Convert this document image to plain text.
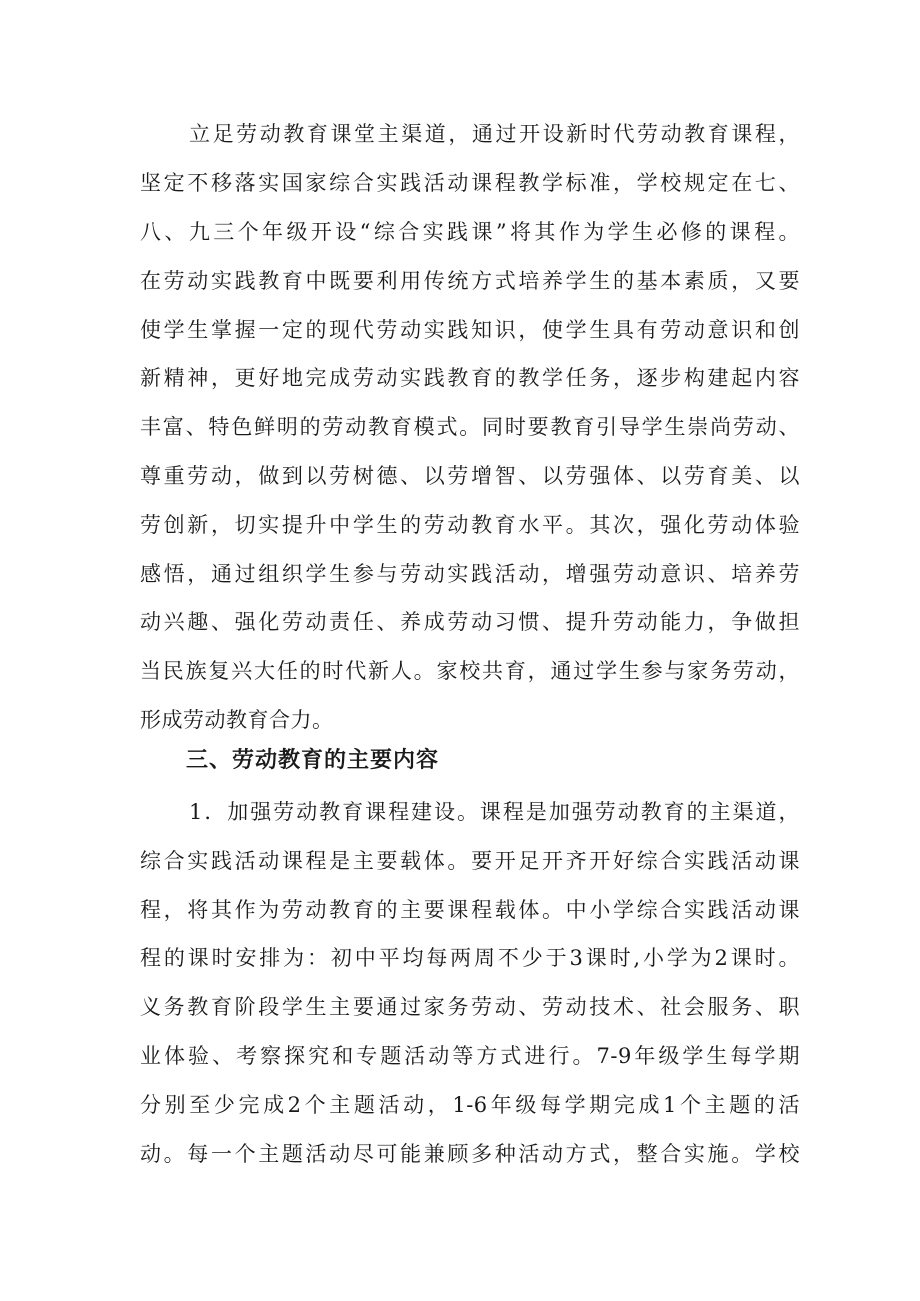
立足劳动教育课堂主渠道，通过开设新时代劳动教育课程，

坚定不移落实国家综合实践活动课程教学标准，学校规定在七、

八、九三个年级开设“综合实践课”将其作为学生必修的课程。

在劳动实践教育中既要利用传统方式培养学生的基本素质，又要

使学生掌握一定的现代劳动实践知识，使学生具有劳动意识和创

新精神，更好地完成劳动实践教育的教学任务，逐步构建起内容

丰富、特色鲜明的劳动教育模式。同时要教育引导学生崇尚劳动、

尊重劳动，做到以劳树德、以劳增智、以劳强体、以劳育美、以

劳创新，切实提升中学生的劳动教育水平。其次，强化劳动体验

感悟，通过组织学生参与劳动实践活动，增强劳动意识、培养劳

动兴趣、强化劳动责任、养成劳动习惯、提升劳动能力，争做担

当民族复兴大任的时代新人。家校共育，通过学生参与家务劳动，

形成劳动教育合力。

三、劳动教育的主要内容

1．加强劳动教育课程建设。课程是加强劳动教育的主渠道，

综合实践活动课程是主要载体。要开足开齐开好综合实践活动课

程，将其作为劳动教育的主要课程载体。中小学综合实践活动课

程的课时安排为：初中平均每两周不少于3课时,小学为2课时。

义务教育阶段学生主要通过家务劳动、劳动技术、社会服务、职

业体验、考察探究和专题活动等方式进行。7-9年级学生每学期

分别至少完成2个主题活动，1-6年级每学期完成1个主题的活

动。每一个主题活动尽可能兼顾多种活动方式，整合实施。学校
